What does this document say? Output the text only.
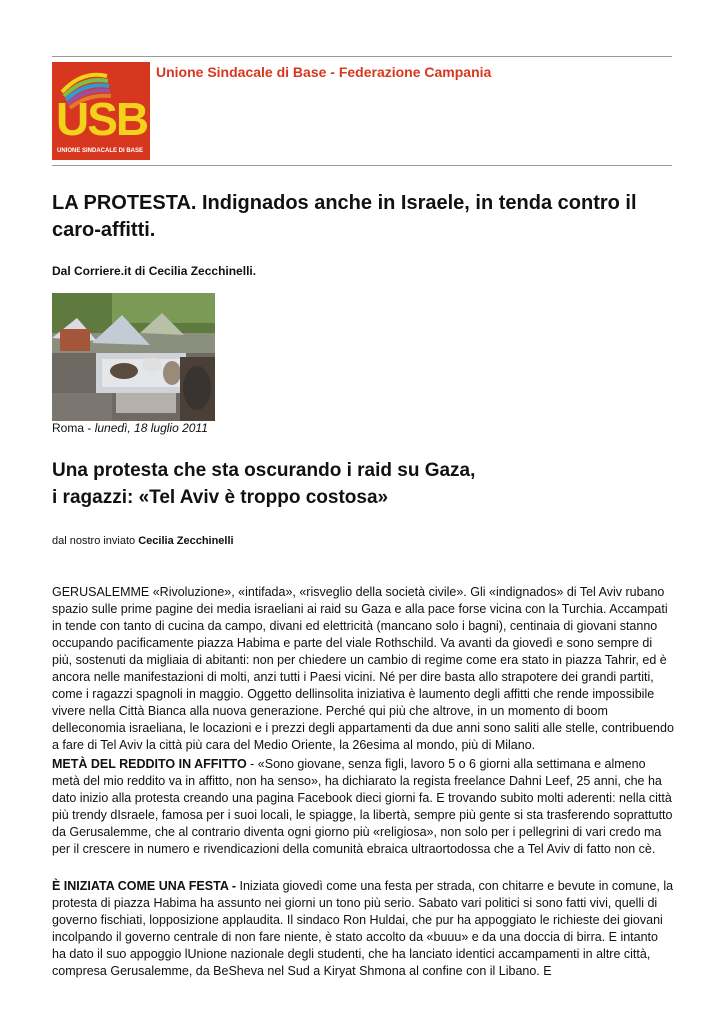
USB
UNIONE SINDACALE DI BASE
Unione Sindacale di Base - Federazione Campania
LA PROTESTA. Indignados anche in Israele, in tenda contro il caro-affitti.
Dal Corriere.it di Cecilia Zecchinelli.
Roma - lunedì, 18 luglio 2011
Una protesta che sta oscurando i raid su Gaza,
i ragazzi: «Tel Aviv è troppo costosa»
dal nostro inviato Cecilia Zecchinelli

GERUSALEMME «Rivoluzione», «intifada», «risveglio della società civile». Gli «indignados» di Tel Aviv rubano spazio sulle prime pagine dei media israeliani ai raid su Gaza e alla pace forse vicina con la Turchia. Accampati in tende con tanto di cucina da campo, divani ed elettricità (mancano solo i bagni), centinaia di giovani stanno occupando pacificamente piazza Habima e parte del viale Rothschild. Va avanti da giovedì e sono sempre di più, sostenuti da migliaia di abitanti: non per chiedere un cambio di regime come era stato in piazza Tahrir, ed è ancora nelle manifestazioni di molti, anzi tutti i Paesi vicini. Né per dire basta allo strapotere dei grandi partiti, come i ragazzi spagnoli in maggio. Oggetto dellinsolita iniziativa è laumento degli affitti che rende impossibile vivere nella Città Bianca alla nuova generazione. Perché qui più che altrove, in un momento di boom delleconomia israeliana, le locazioni e i prezzi degli appartamenti da due anni sono saliti alle stelle, contribuendo a fare di Tel Aviv la città più cara del Medio Oriente, la 26esima al mondo, più di Milano.

METÀ DEL REDDITO IN AFFITTO - «Sono giovane, senza figli, lavoro 5 o 6 giorni alla settimana e almeno metà del mio reddito va in affitto, non ha senso», ha dichiarato la regista freelance Dahni Leef, 25 anni, che ha dato inizio alla protesta creando una pagina Facebook dieci giorni fa. E trovando subito molti aderenti: nella città più trendy dIsraele, famosa per i suoi locali, le spiagge, la libertà, sempre più gente si sta trasferendo soprattutto da Gerusalemme, che al contrario diventa ogni giorno più «religiosa», non solo per i pellegrini di vari credo ma per il crescere in numero e rivendicazioni della comunità ebraica ultraortodossa che a Tel Aviv di fatto non cè.

È INIZIATA COME UNA FESTA - Iniziata giovedì come una festa per strada, con chitarre e bevute in comune, la protesta di piazza Habima ha assunto nei giorni un tono più serio. Sabato vari politici si sono fatti vivi, quelli di governo fischiati, lopposizione applaudita. Il sindaco Ron Huldai, che pur ha appoggiato le richieste dei giovani incolpando il governo centrale di non fare niente, è stato accolto da «buuu» e da una doccia di birra. E intanto ha dato il suo appoggio lUnione nazionale degli studenti, che ha lanciato identici accampamenti in altre città, compresa Gerusalemme, da BeSheva nel Sud a Kiryat Shmona al confine con il Libano. E
